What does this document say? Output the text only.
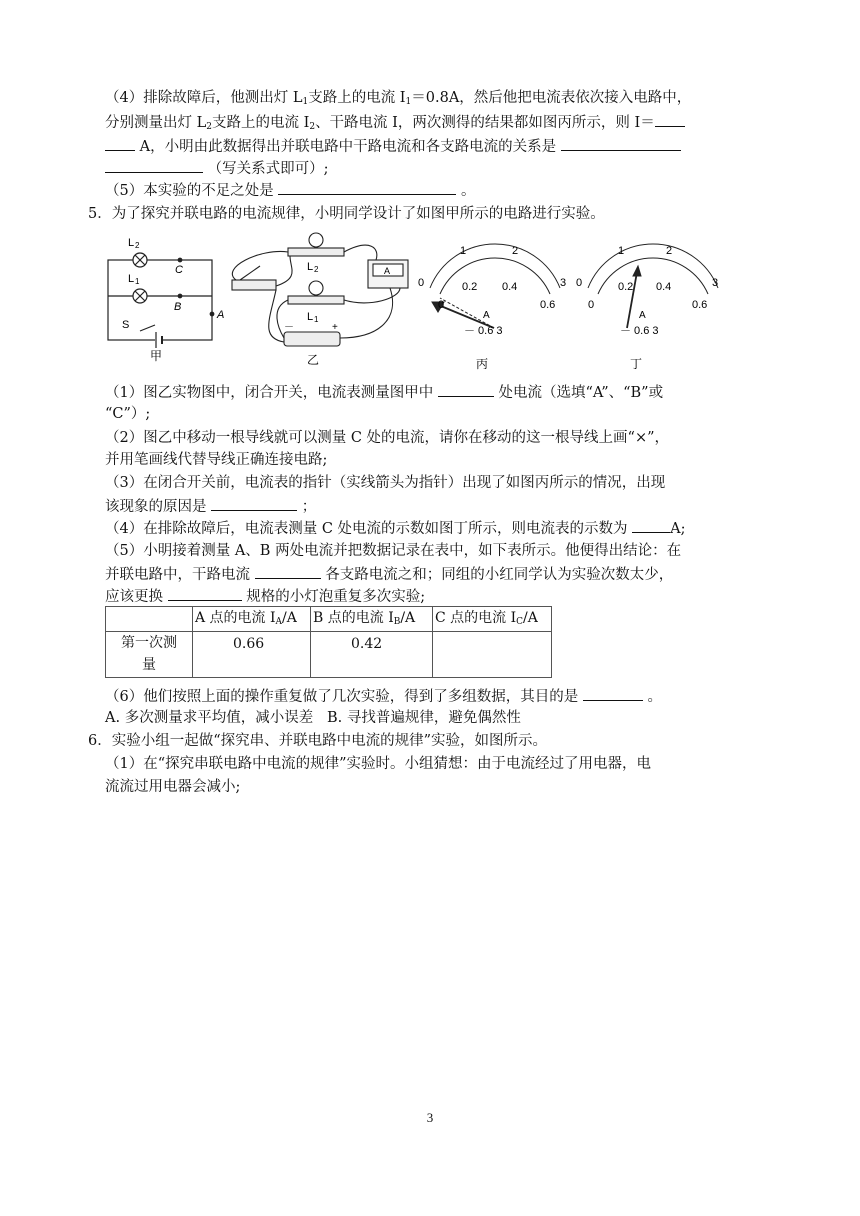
（4）排除故障后，他测出灯 $L_1$支路上的电流 $I_1=0.8A$，然后他把电流表依次接入电路中，
分别测量出灯 $L_2$支路上的电流 $I_2$、干路电流 I，两次测得的结果都如图丙所示，则 I＝
A，小明由此数据得出并联电路中干路电流和各支路电流的关系是
（写关系式即可）;
（5）本实验的不足之处是	。
5．为了探究并联电路的电流规律，小明同学设计了如图甲所示的电路进行实验。
L 2
L 1
C
B
A
S
甲
L 2
L 1
－	+
A
乙
0
1	2
3
0
0.2 0.4
0.6
A
－ 0.6 3
丙
0
1	2
3
0
0.2 0.4
0.6
A
－ 0.6 3
丁
（1）图乙实物图中，闭合开关，电流表测量图甲中	处电流（选填“A”、“B”或
“C”）;
（2）图乙中移动一根导线就可以测量 C 处的电流，请你在移动的这一根导线上画“×”，
并用笔画线代替导线正确连接电路;
（3）在闭合开关前，电流表的指针（实线箭头为指针）出现了如图丙所示的情况，出现
该现象的原因是	；
（4）在排除故障后，电流表测量 C 处电流的示数如图丁所示，则电流表的示数为	A;
（5）小明接着测量 A、B 两处电流并把数据记录在表中，如下表所示。他便得出结论：在
并联电路中，干路电流	各支路电流之和；同组的小红同学认为实验次数太少，
应该更换	规格的小灯泡重复多次实验;
	A 点的电流 $I_A/A$	B 点的电流 $I_B/A$	C 点的电流 $I_C/A$
第一次测
量	0.66	0.42	
（6）他们按照上面的操作重复做了几次实验，得到了多组数据，其目的是	。
A. 多次测量求平均值，减小误差 B. 寻找普遍规律，避免偶然性
6．实验小组一起做“探究串、并联电路中电流的规律”实验，如图所示。
（1）在“探究串联电路中电流的规律”实验时。小组猜想：由于电流经过了用电器，电
流流过用电器会减小;
3
